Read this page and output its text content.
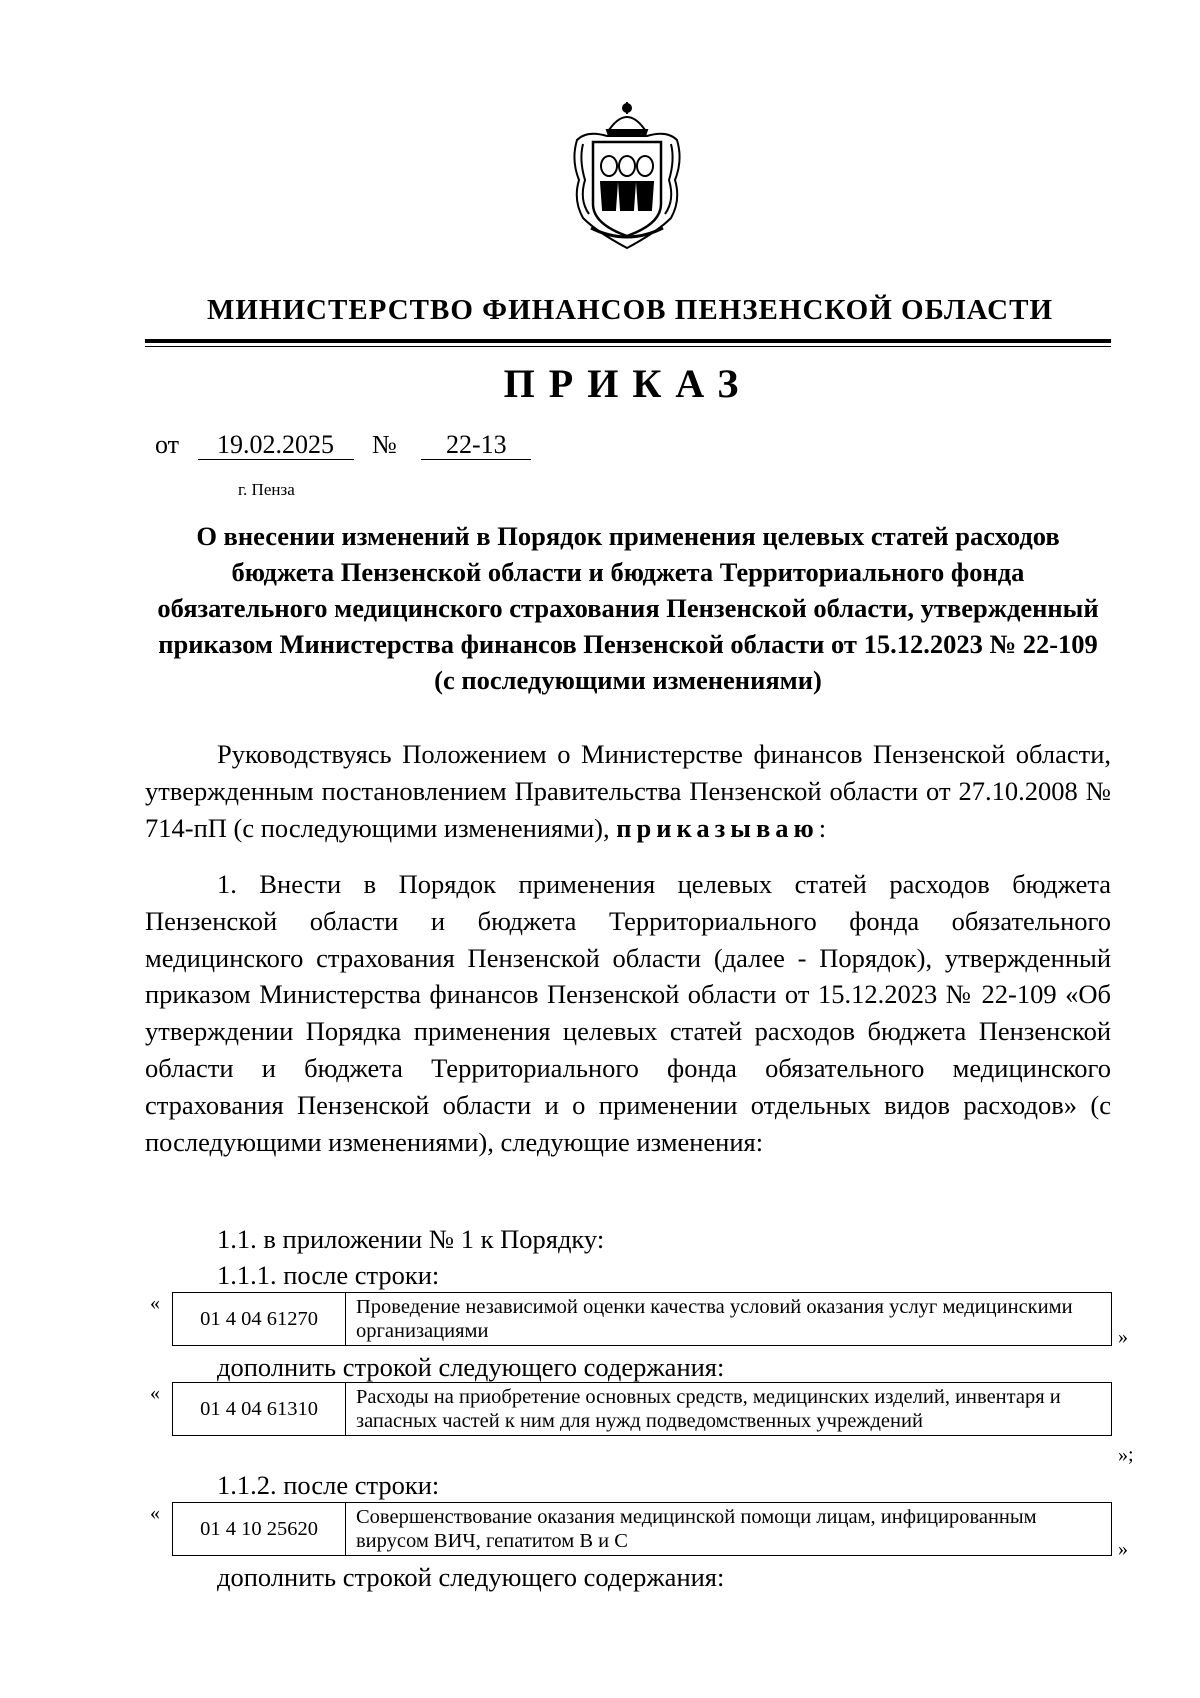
МИНИСТЕРСТВО ФИНАНСОВ ПЕНЗЕНСКОЙ ОБЛАСТИ
ПРИКАЗ
от 19.02.2025 № 22-13
г. Пенза
О внесении изменений в Порядок применения целевых статей расходов бюджета Пензенской области и бюджета Территориального фонда обязательного медицинского страхования Пензенской области, утвержденный приказом Министерства финансов Пензенской области от 15.12.2023 № 22-109 (с последующими изменениями)
Руководствуясь Положением о Министерстве финансов Пензенской области, утвержденным постановлением Правительства Пензенской области от 27.10.2008 № 714-пП (с последующими изменениями), приказываю:
1. Внести в Порядок применения целевых статей расходов бюджета Пензенской области и бюджета Территориального фонда обязательного медицинского страхования Пензенской области (далее - Порядок), утвержденный приказом Министерства финансов Пензенской области от 15.12.2023 № 22-109 «Об утверждении Порядка применения целевых статей расходов бюджета Пензенской области и бюджета Территориального фонда обязательного медицинского страхования Пензенской области и о применении отдельных видов расходов» (с последующими изменениями), следующие изменения:
1.1. в приложении № 1 к Порядку:
1.1.1. после строки:
«
01 4 04 61270	Проведение независимой оценки качества условий оказания услуг медицинскими организациями	»
дополнить строкой следующего содержания:
«
01 4 04 61310	Расходы на приобретение основных средств, медицинских изделий, инвентаря и запасных частей к ним для нужд подведомственных учреждений
»;
1.1.2. после строки:
«
01 4 10 25620	Совершенствование оказания медицинской помощи лицам, инфицированным вирусом ВИЧ, гепатитом В и С	»
дополнить строкой следующего содержания:
